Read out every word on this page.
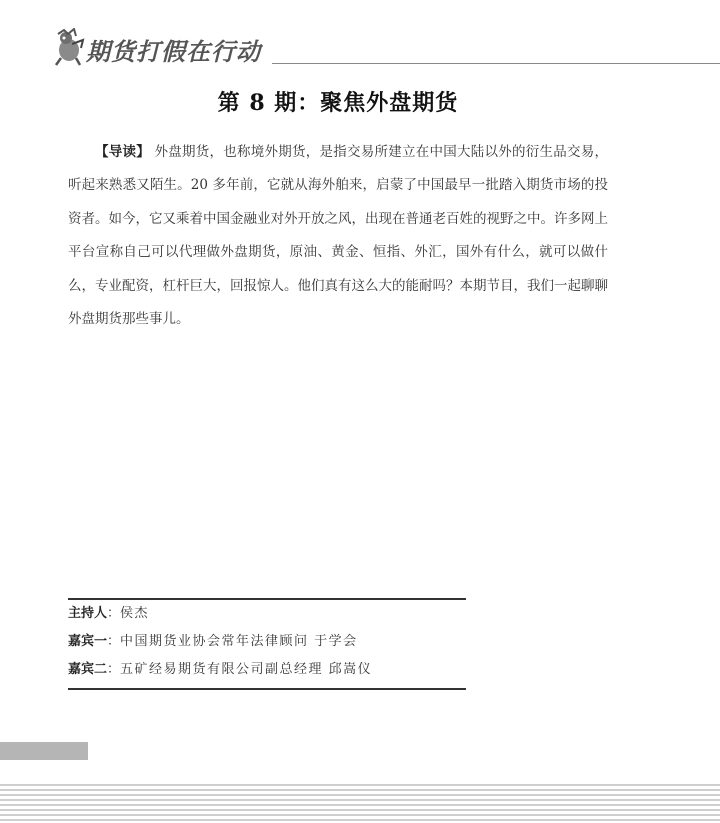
期货打假在行动
第 8 期：聚焦外盘期货
【导读】 外盘期货，也称境外期货，是指交易所建立在中国大陆以外的衍生品交易，听起来熟悉又陌生。20 多年前，它就从海外舶来，启蒙了中国最早一批踏入期货市场的投资者。如今，它又乘着中国金融业对外开放之风，出现在普通老百姓的视野之中。许多网上平台宣称自己可以代理做外盘期货，原油、黄金、恒指、外汇，国外有什么，就可以做什么，专业配资，杠杆巨大，回报惊人。他们真有这么大的能耐吗？本期节目，我们一起聊聊外盘期货那些事儿。
主持人：侯杰
嘉宾一：中国期货业协会常年法律顾问 于学会
嘉宾二：五矿经易期货有限公司副总经理 邱嵩仪
